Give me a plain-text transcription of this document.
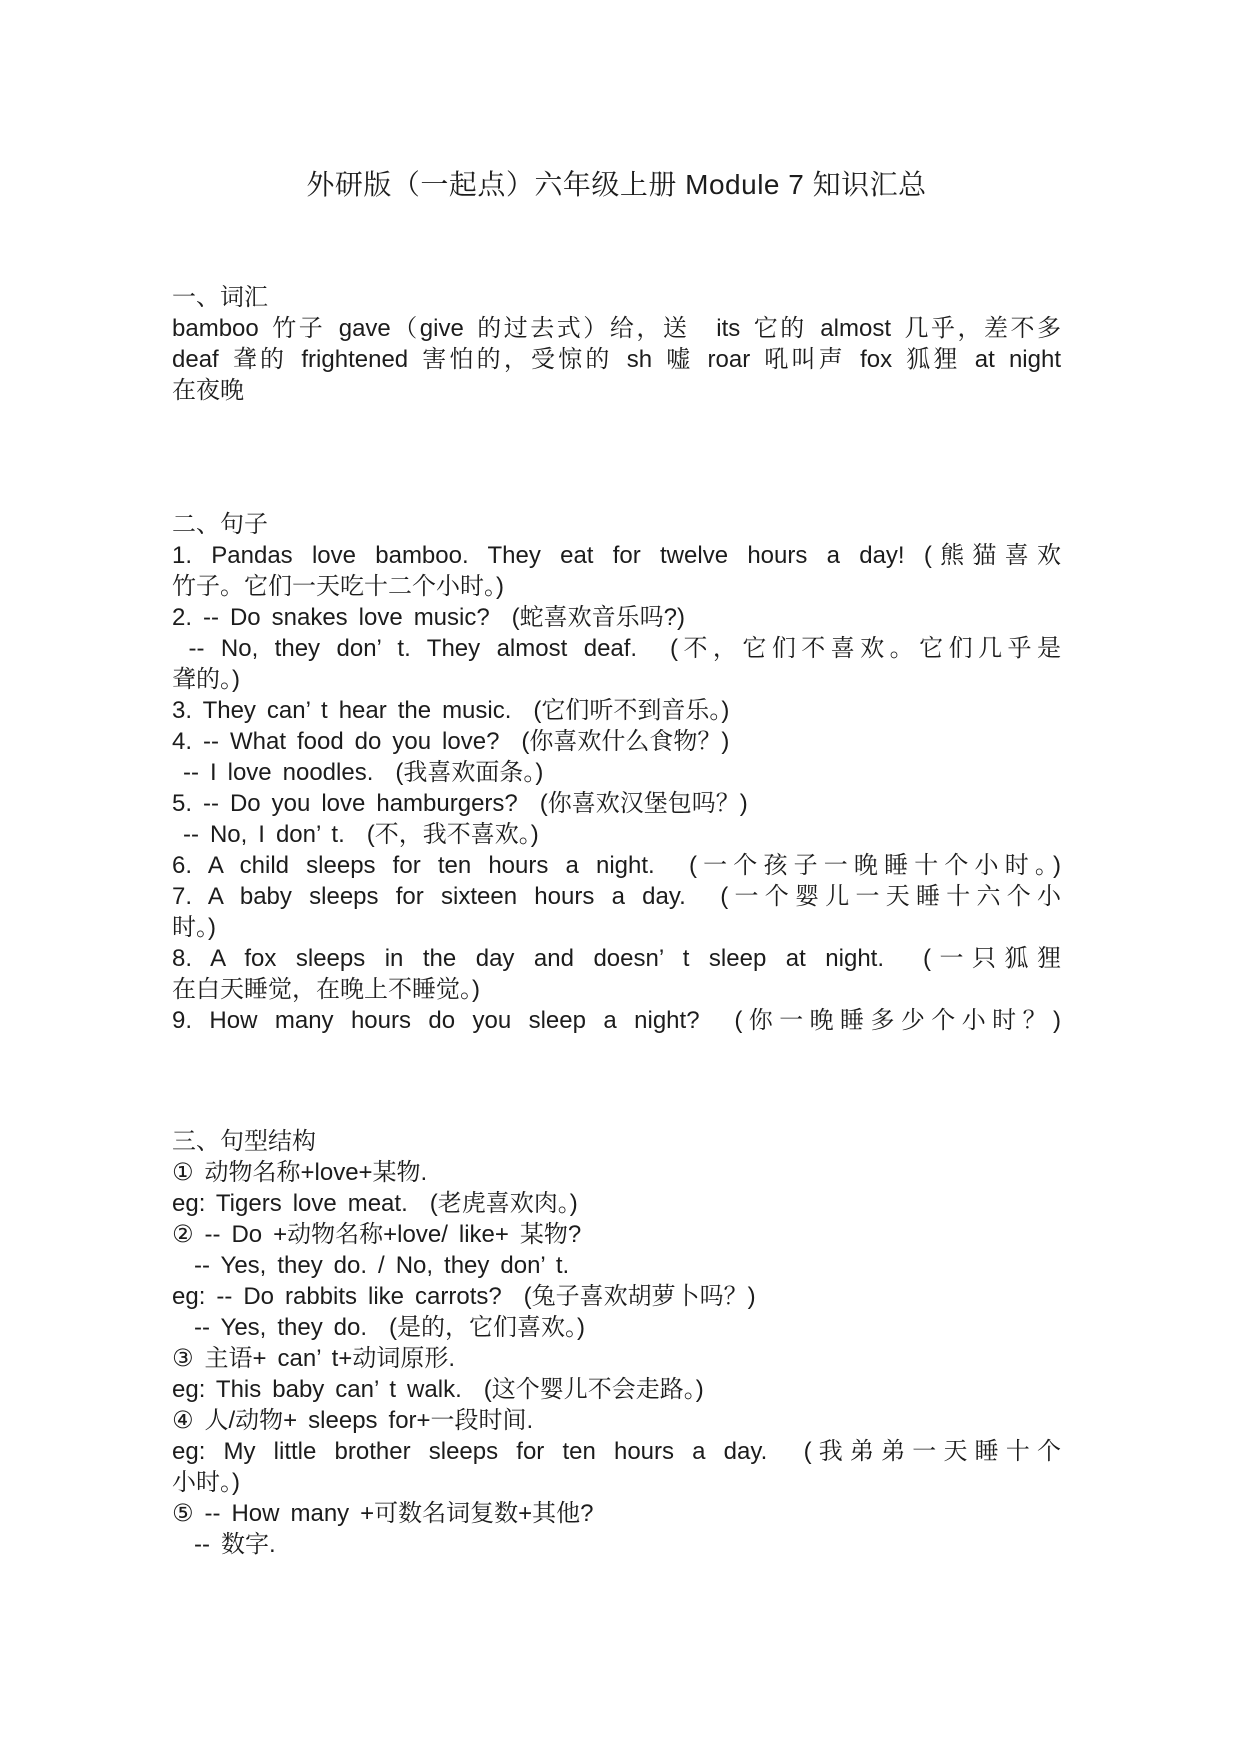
外研版（一起点）六年级上册 Module 7 知识汇总
一、词汇
bamboo 竹子 gave（give 的过去式）给，送  its 它的 almost 几乎，差不多
deaf 聋的 frightened 害怕的，受惊的 sh 嘘 roar 吼叫声 fox 狐狸 at night
在夜晚
二、句子
1. Pandas love bamboo. They eat for twelve hours a day! (熊猫喜欢
竹子。它们一天吃十二个小时。)
2. -- Do snakes love music?  (蛇喜欢音乐吗?)
-- No, they don’ t. They almost deaf.  (不，它们不喜欢。它们几乎是
聋的。)
3. They can’ t hear the music.  (它们听不到音乐。)
4. -- What food do you love?  (你喜欢什么食物？)
-- I love noodles.  (我喜欢面条。)
5. -- Do you love hamburgers?  (你喜欢汉堡包吗？)
-- No, I don’ t.  (不，我不喜欢。)
6. A child sleeps for ten hours a night.  (一个孩子一晚睡十个小时。)
7. A baby sleeps for sixteen hours a day.  (一个婴儿一天睡十六个小
时。)
8. A fox sleeps in the day and doesn’ t sleep at night.  (一只狐狸
在白天睡觉，在晚上不睡觉。)
9. How many hours do you sleep a night?  (你一晚睡多少个小时？)
三、句型结构
① 动物名称+love+某物.
eg: Tigers love meat.  (老虎喜欢肉。)
② -- Do +动物名称+love/ like+ 某物?
-- Yes, they do. / No, they don’ t.
eg: -- Do rabbits like carrots?  (兔子喜欢胡萝卜吗？)
-- Yes, they do.  (是的，它们喜欢。)
③ 主语+ can’ t+动词原形.
eg: This baby can’ t walk.  (这个婴儿不会走路。)
④ 人/动物+ sleeps for+一段时间.
eg: My little brother sleeps for ten hours a day.  (我弟弟一天睡十个
小时。)
⑤ -- How many +可数名词复数+其他?
-- 数字.
